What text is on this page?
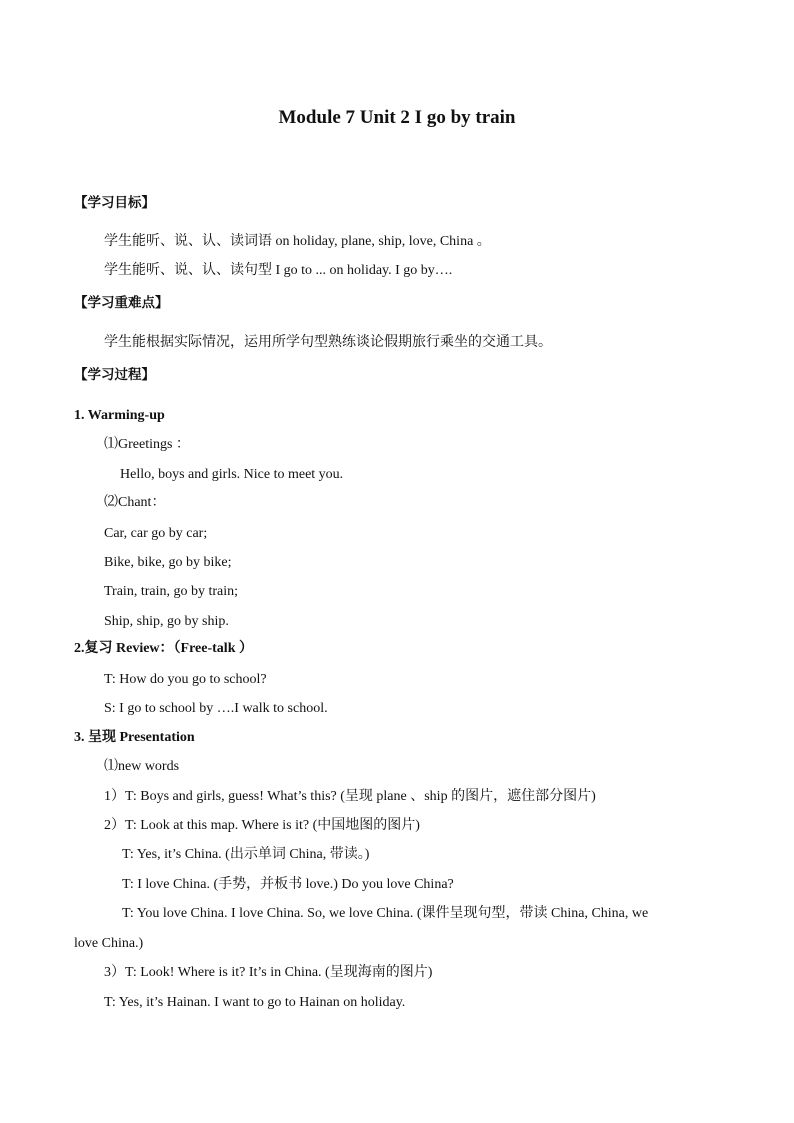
Module 7 Unit 2 I go by train
【学习目标】
学生能听、说、认、读词语 on holiday, plane, ship, love, China 。
学生能听、说、认、读句型 I go to ... on holiday. I go by….
【学习重难点】
学生能根据实际情况，运用所学句型熟练谈论假期旅行乘坐的交通工具。
【学习过程】
1. Warming-up
⑴Greetings ：
Hello, boys and girls. Nice to meet you.
⑵Chant：
Car, car go by car;
Bike, bike, go by bike;
Train, train, go by train;
Ship, ship, go by ship.
2.复习 Review：（Free-talk ）
T: How do you go to school?
S: I go to school by ….I walk to school.
3. 呈现 Presentation
⑴new words
1）T: Boys and girls, guess! What’s this? (呈现 plane 、ship 的图片，遮住部分图片)
2）T: Look at this map. Where is it? (中国地图的图片)
T: Yes, it’s China. (出示单词 China, 带读。)
T: I love China. (手势，并板书 love.) Do you love China?
T: You love China. I love China. So, we love China. (课件呈现句型，带读 China, China, we
love China.)
3）T: Look! Where is it? It’s in China. (呈现海南的图片)
T: Yes, it’s Hainan. I want to go to Hainan on holiday.
